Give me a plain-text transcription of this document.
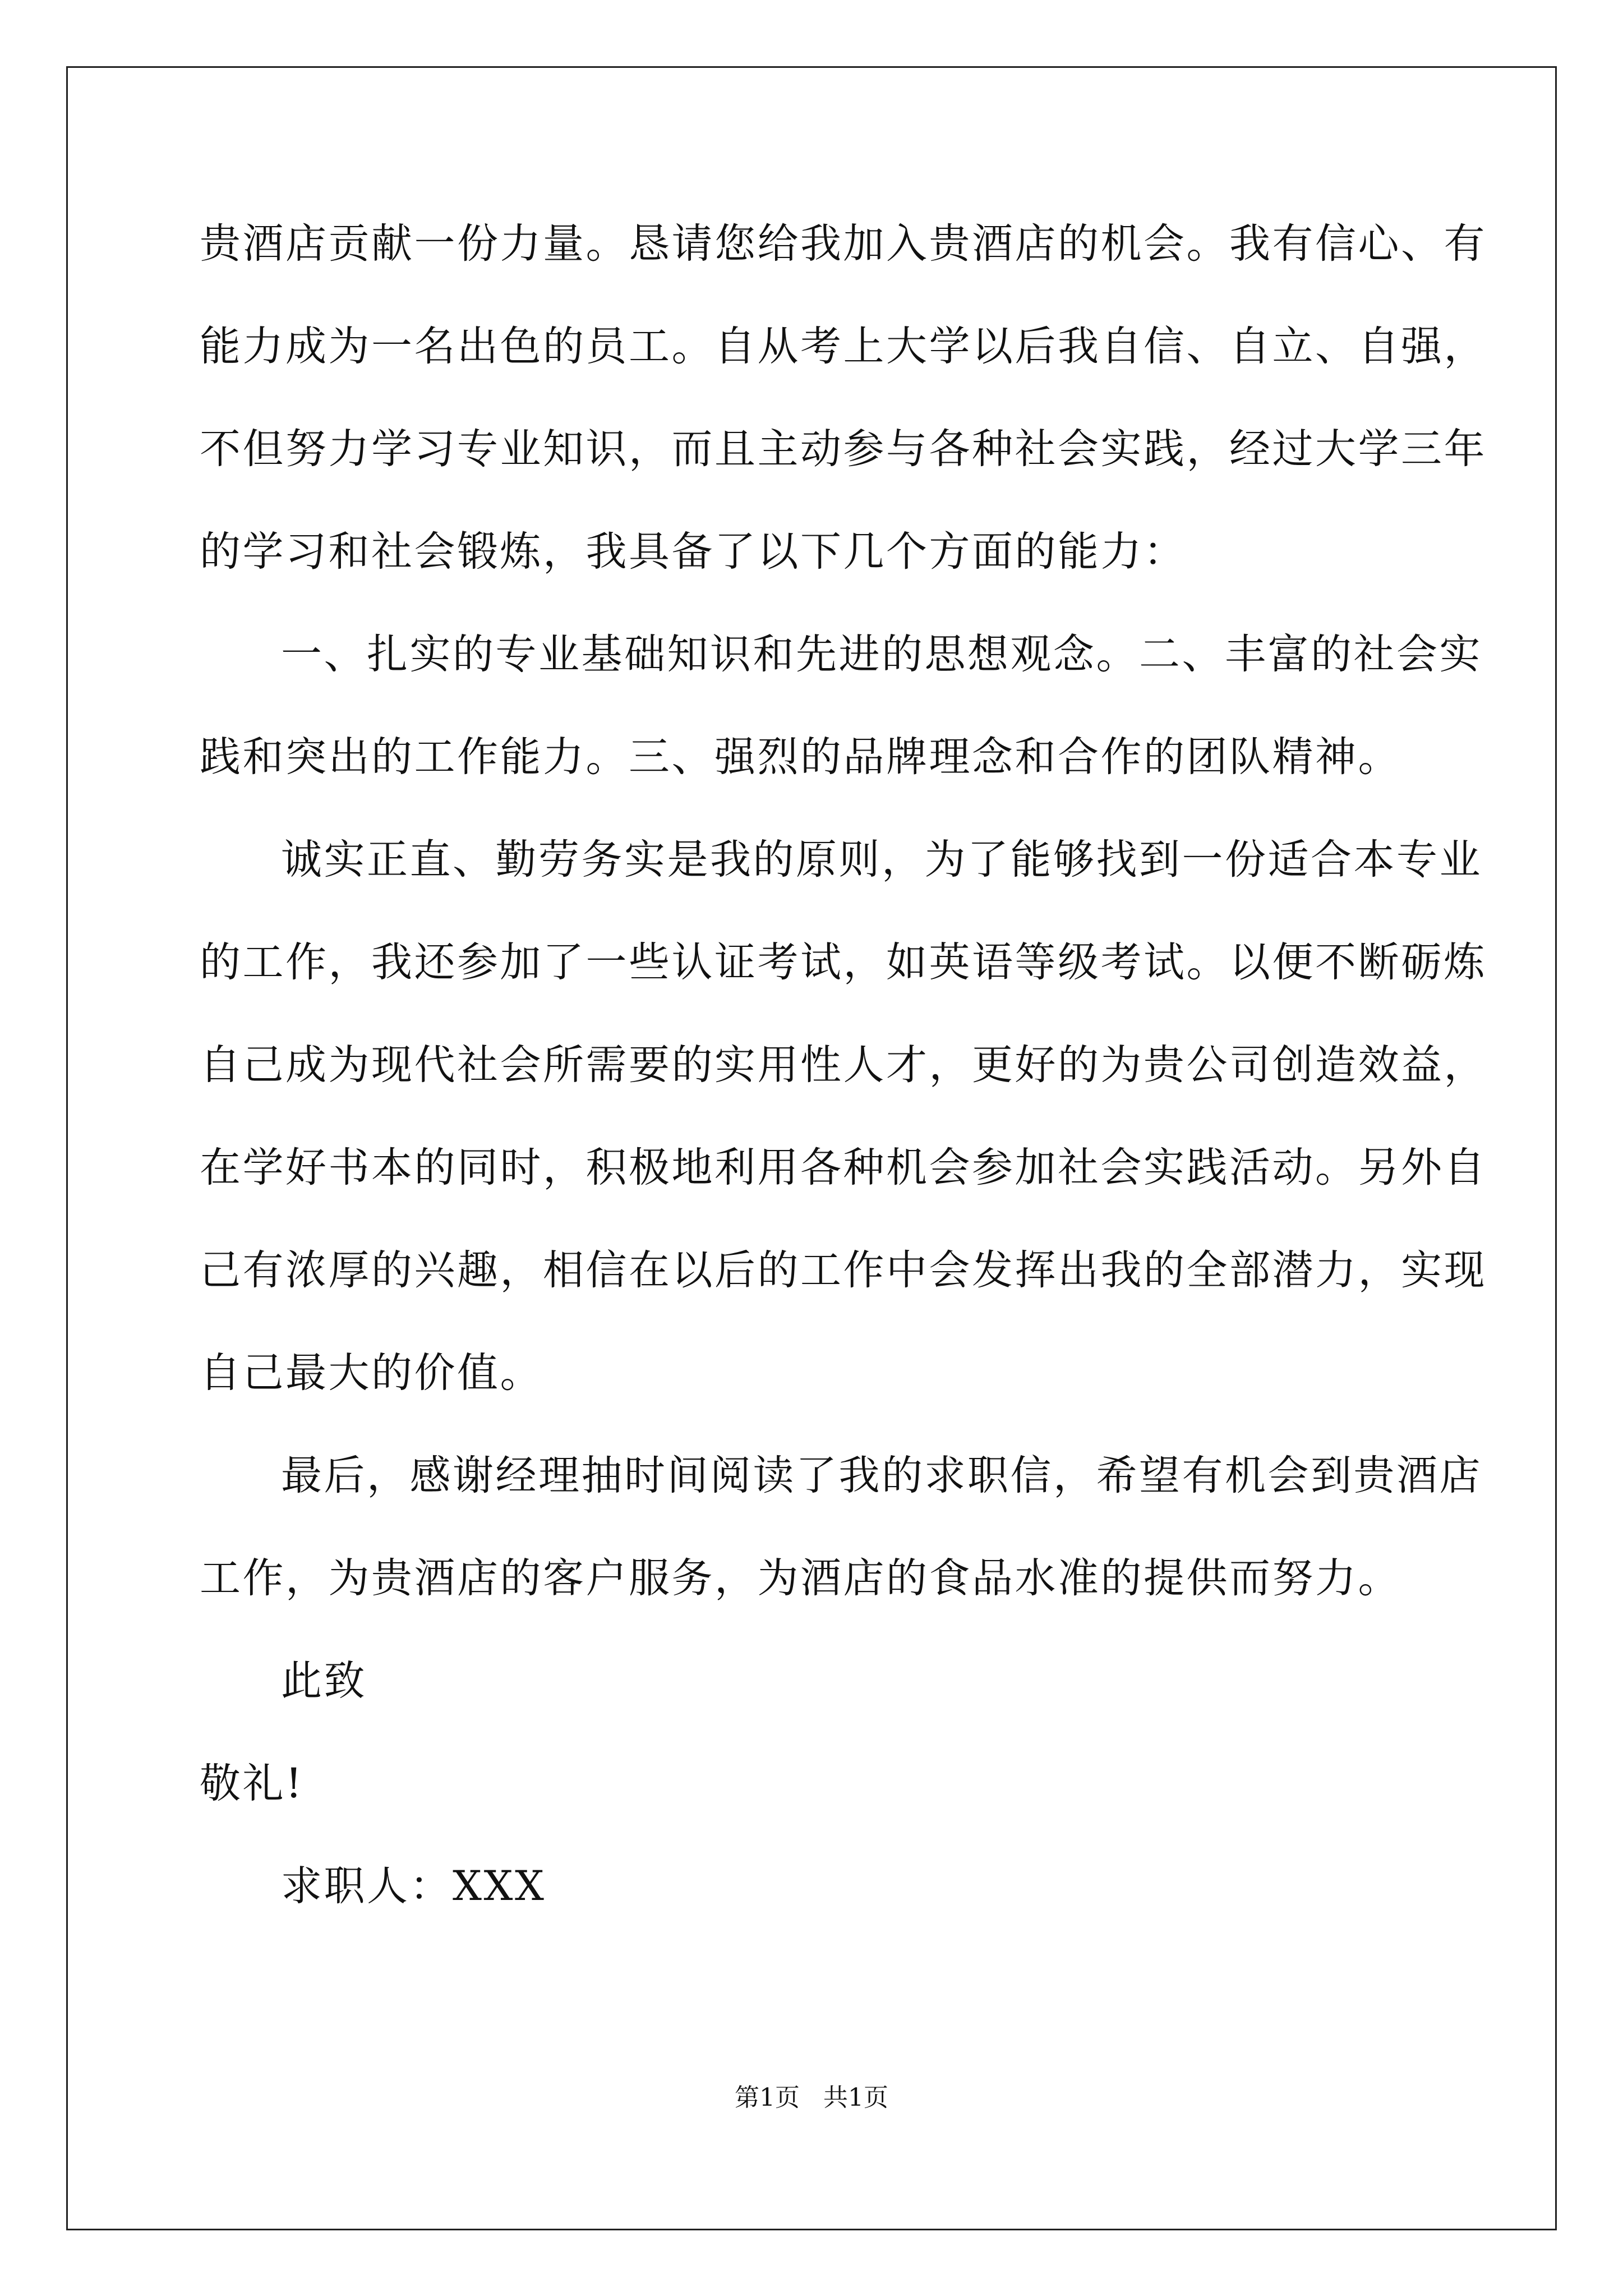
贵酒店贡献一份力量。恳请您给我加入贵酒店的机会。我有信心、有
能力成为一名出色的员工。自从考上大学以后我自信、自立、自强，
不但努力学习专业知识，而且主动参与各种社会实践，经过大学三年
的学习和社会锻炼，我具备了以下几个方面的能力：
一、扎实的专业基础知识和先进的思想观念。二、丰富的社会实
践和突出的工作能力。三、强烈的品牌理念和合作的团队精神。
诚实正直、勤劳务实是我的原则，为了能够找到一份适合本专业
的工作，我还参加了一些认证考试，如英语等级考试。以便不断砺炼
自己成为现代社会所需要的实用性人才，更好的为贵公司创造效益，
在学好书本的同时，积极地利用各种机会参加社会实践活动。另外自
己有浓厚的兴趣，相信在以后的工作中会发挥出我的全部潜力，实现
自己最大的价值。
最后，感谢经理抽时间阅读了我的求职信，希望有机会到贵酒店
工作，为贵酒店的客户服务，为酒店的食品水准的提供而努力。
此致
敬礼!
求职人：XXX
第1页   共1页
